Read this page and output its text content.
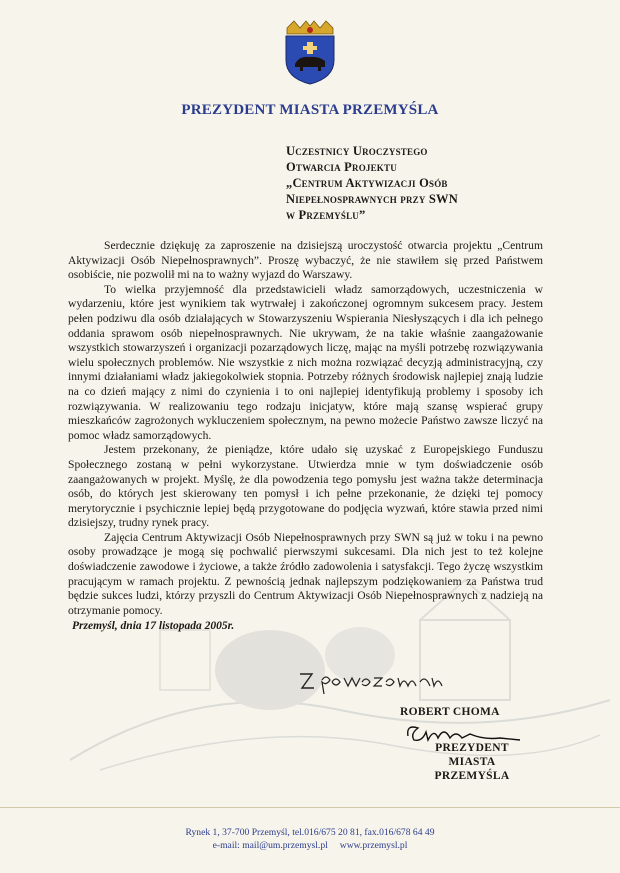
PREZYDENT MIASTA PRZEMYŚLA
Uczestnicy Uroczystego
Otwarcia Projektu
„Centrum Aktywizacji Osób
Niepełnosprawnych przy SWN
w Przemyślu”

Serdecznie dziękuję za zaproszenie na dzisiejszą uroczystość otwarcia projektu „Centrum Aktywizacji Osób Niepełnosprawnych”. Proszę wybaczyć, że nie stawiłem się przed Państwem osobiście, nie pozwolił mi na to ważny wyjazd do Warszawy.

To wielka przyjemność dla przedstawicieli władz samorządowych, uczestniczenia w wydarzeniu, które jest wynikiem tak wytrwałej i zakończonej ogromnym sukcesem pracy. Jestem pełen podziwu dla osób działających w Stowarzyszeniu Wspierania Niesłyszących i dla ich pełnego oddania sprawom osób niepełnosprawnych. Nie ukrywam, że na takie właśnie zaangażowanie wszystkich stowarzyszeń i organizacji pozarządowych liczę, mając na myśli potrzebę rozwiązywania wielu społecznych problemów. Nie wszystkie z nich można rozwiązać decyzją administracyjną, czy innymi działaniami władz jakiegokolwiek stopnia. Potrzeby różnych środowisk najlepiej znają ludzie na co dzień mający z nimi do czynienia i to oni najlepiej identyfikują problemy i sposoby ich rozwiązywania. W realizowaniu tego rodzaju inicjatyw, które mają szansę wspierać grupy mieszkańców zagrożonych wykluczeniem społecznym, na pewno możecie Państwo zawsze liczyć na pomoc władz samorządowych.

Jestem przekonany, że pieniądze, które udało się uzyskać z Europejskiego Funduszu Społecznego zostaną w pełni wykorzystane. Utwierdza mnie w tym doświadczenie osób zaangażowanych w projekt. Myślę, że dla powodzenia tego pomysłu jest ważna także determinacja osób, do których jest skierowany ten pomysł i ich pełne przekonanie, że dzięki tej pomocy merytorycznie i psychicznie lepiej będą przygotowane do podjęcia wyzwań, które stawia przed nimi dzisiejszy, trudny rynek pracy.

Zajęcia Centrum Aktywizacji Osób Niepełnosprawnych przy SWN są już w toku i na pewno osoby prowadzące je mogą się pochwalić pierwszymi sukcesami. Dla nich jest to też kolejne doświadczenie zawodowe i życiowe, a także źródło zadowolenia i satysfakcji. Tego życzę wszystkim pracującym w ramach projektu. Z pewnością jednak najlepszym podziękowaniem za Państwa trud będzie sukces ludzi, którzy przyszli do Centrum Aktywizacji Osób Niepełnosprawnych z nadzieją na otrzymanie pomocy.

Przemyśl, dnia 17 listopada 2005r.
ROBERT CHOMA
PREZYDENT
MIASTA PRZEMYŚLA
Rynek 1, 37-700 Przemyśl, tel.016/675 20 81, fax.016/678 64 49
e-mail: mail@um.przemysl.pl     www.przemysl.pl
